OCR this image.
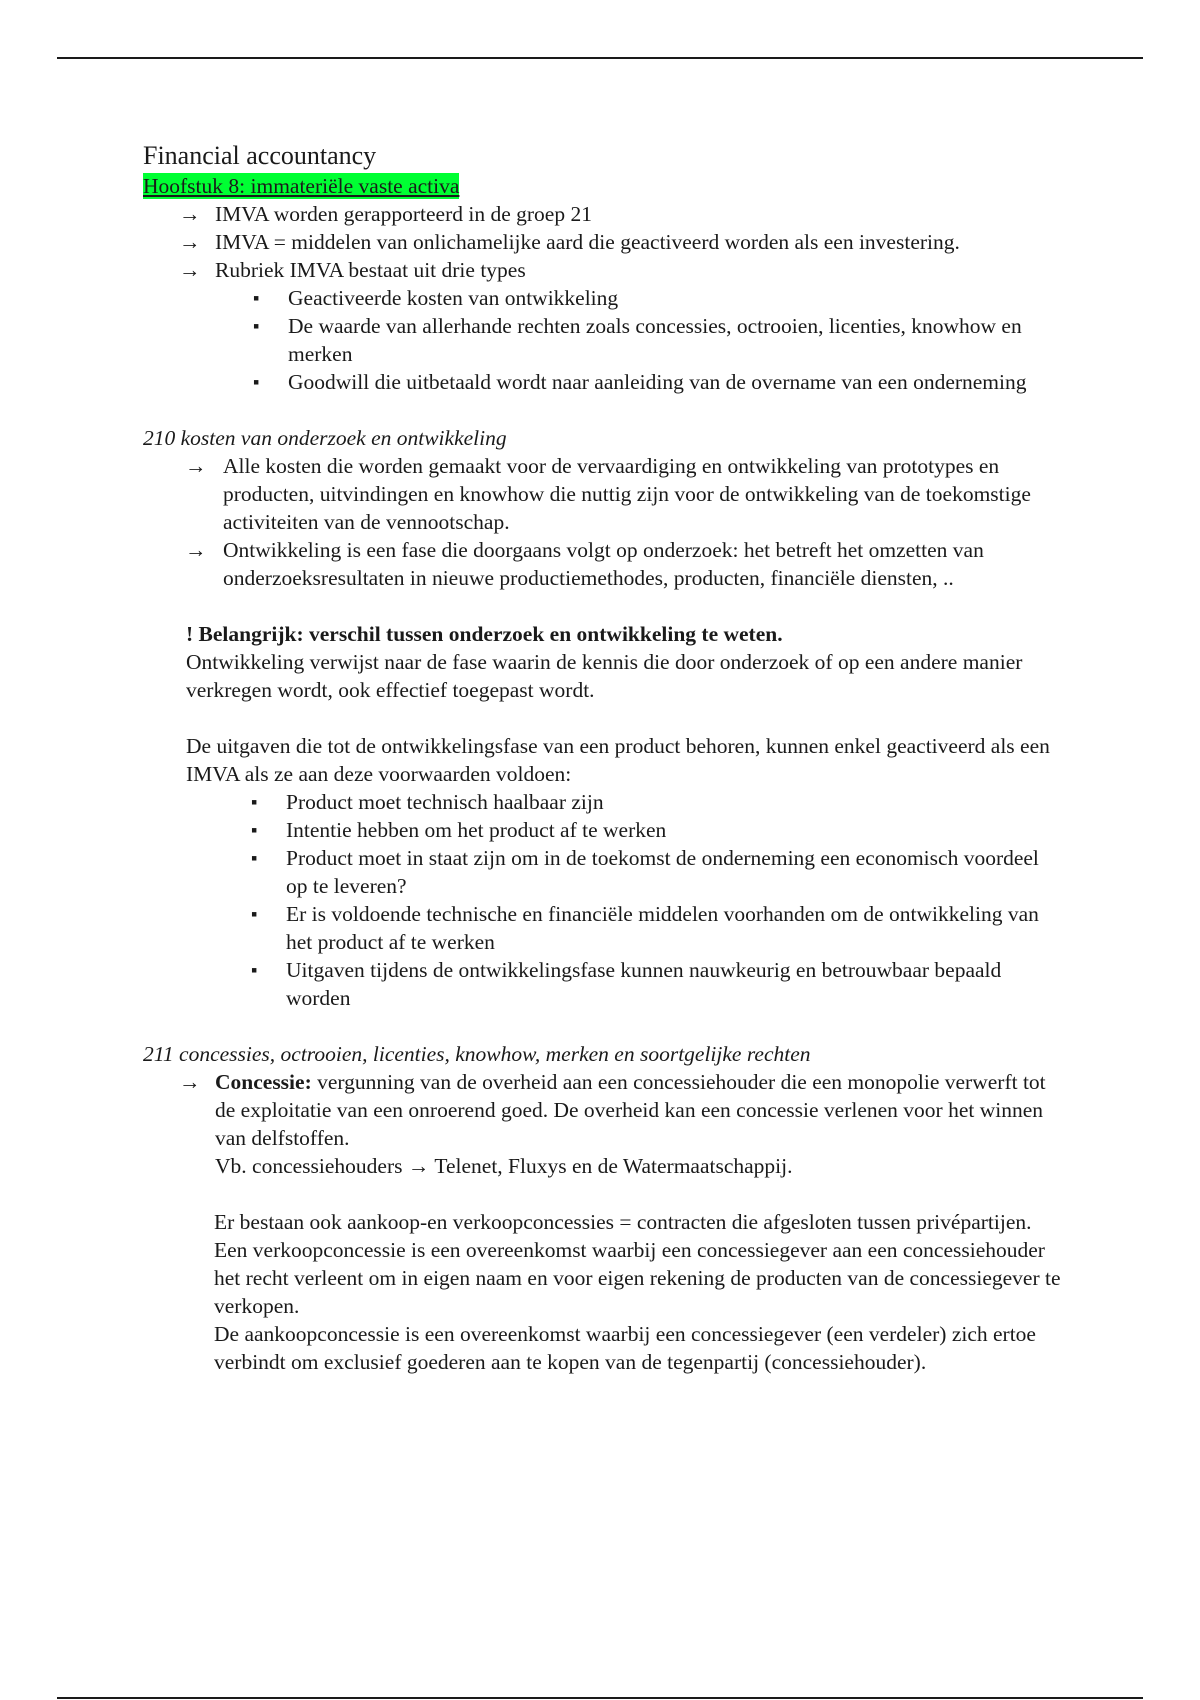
Financial accountancy
Hoofstuk 8: immateriële vaste activa
→ IMVA worden gerapporteerd in de groep 21
→ IMVA = middelen van onlichamelijke aard die geactiveerd worden als een investering.
→ Rubriek IMVA bestaat uit drie types
▪ Geactiveerde kosten van ontwikkeling
▪ De waarde van allerhande rechten zoals concessies, octrooien, licenties, knowhow en merken
▪ Goodwill die uitbetaald wordt naar aanleiding van de overname van een onderneming
210 kosten van onderzoek en ontwikkeling
→ Alle kosten die worden gemaakt voor de vervaardiging en ontwikkeling van prototypes en producten, uitvindingen en knowhow die nuttig zijn voor de ontwikkeling van de toekomstige activiteiten van de vennootschap.
→ Ontwikkeling is een fase die doorgaans volgt op onderzoek: het betreft het omzetten van onderzoeksresultaten in nieuwe productiemethodes, producten, financiële diensten, ..
! Belangrijk: verschil tussen onderzoek en ontwikkeling te weten.
Ontwikkeling verwijst naar de fase waarin de kennis die door onderzoek of op een andere manier verkregen wordt, ook effectief toegepast wordt.
De uitgaven die tot de ontwikkelingsfase van een product behoren, kunnen enkel geactiveerd als een IMVA als ze aan deze voorwaarden voldoen:
▪ Product moet technisch haalbaar zijn
▪ Intentie hebben om het product af te werken
▪ Product moet in staat zijn om in de toekomst de onderneming een economisch voordeel op te leveren?
▪ Er is voldoende technische en financiële middelen voorhanden om de ontwikkeling van het product af te werken
▪ Uitgaven tijdens de ontwikkelingsfase kunnen nauwkeurig en betrouwbaar bepaald worden
211 concessies, octrooien, licenties, knowhow, merken en soortgelijke rechten
→ Concessie: vergunning van de overheid aan een concessiehouder die een monopolie verwerft tot de exploitatie van een onroerend goed. De overheid kan een concessie verlenen voor het winnen van delfstoffen.
Vb. concessiehouders → Telenet, Fluxys en de Watermaatschappij.
Er bestaan ook aankoop-en verkoopconcessies = contracten die afgesloten tussen privépartijen. Een verkoopconcessie is een overeenkomst waarbij een concessiegever aan een concessiehouder het recht verleent om in eigen naam en voor eigen rekening de producten van de concessiegever te verkopen.
De aankoopconcessie is een overeenkomst waarbij een concessiegever (een verdeler) zich ertoe verbindt om exclusief goederen aan te kopen van de tegenpartij (concessiehouder).
